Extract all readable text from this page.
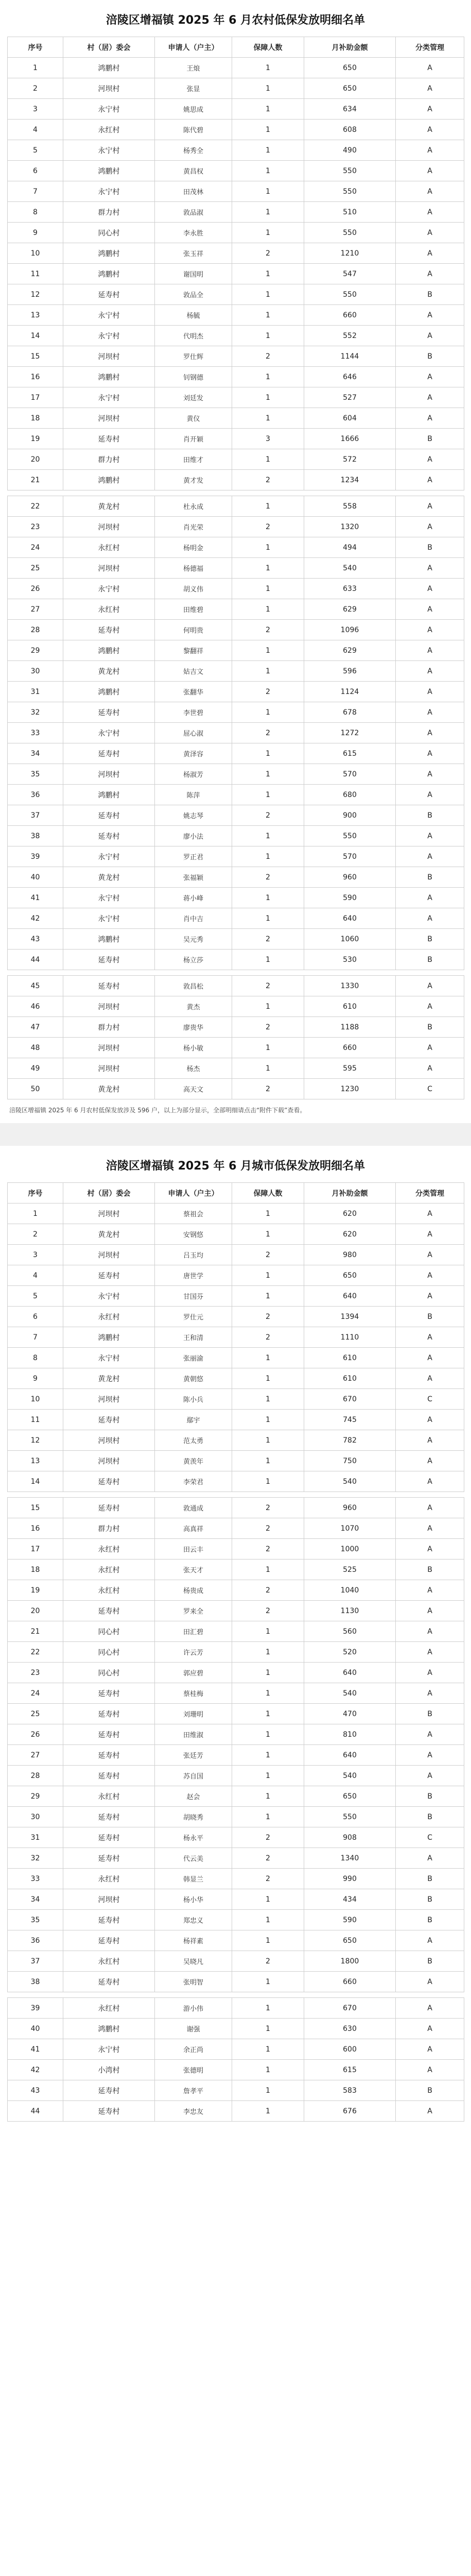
涪陵区增福镇 2025 年 6 月农村低保发放明细名单
序号	村（居）委会	申请人（户主）	保障人数	月补助金额	分类管理
1	鸿鹏村	王烺	1	650	A
2	河坝村	张显	1	650	A
3	永宁村	姚思成	1	634	A
4	永红村	陈代碧	1	608	A
5	永宁村	杨秀全	1	490	A
6	鸿鹏村	黄昌权	1	550	A
7	永宁村	田茂林	1	550	A
8	群力村	敦品淑	1	510	A
9	同心村	李永胜	1	550	A
10	鸿鹏村	张玉祥	2	1210	A
11	鸿鹏村	谢国明	1	547	A
12	延寿村	敦品全	1	550	B
13	永宁村	杨毓	1	660	A
14	永宁村	代明杰	1	552	A
15	河坝村	罗仕辉	2	1144	B
16	鸿鹏村	钊钢德	1	646	A
17	永宁村	刘廷发	1	527	A
18	河坝村	黄仪	1	604	A
19	延寿村	肖开颖	3	1666	B
20	群力村	田维才	1	572	A
21	鸿鹏村	黄才发	2	1234	A

22	黄龙村	杜永成	1	558	A
23	河坝村	肖光荣	2	1320	A
24	永红村	杨明金	1	494	B
25	河坝村	杨德福	1	540	A
26	永宁村	胡义伟	1	633	A
27	永红村	田维碧	1	629	A
28	延寿村	何明贵	2	1096	A
29	鸿鹏村	黎翻祥	1	629	A
30	黄龙村	姑吉文	1	596	A
31	鸿鹏村	张翻华	2	1124	A
32	延寿村	李世碧	1	678	A
33	永宁村	屈心淑	2	1272	A
34	延寿村	黄泽容	1	615	A
35	河坝村	杨淑芳	1	570	A
36	鸿鹏村	陈萍	1	680	A
37	延寿村	姚志琴	2	900	B
38	延寿村	廖小法	1	550	A
39	永宁村	罗正君	1	570	A
40	黄龙村	张福颖	2	960	B
41	永宁村	蒋小峰	1	590	A
42	永宁村	肖中吉	1	640	A
43	鸿鹏村	吴元秀	2	1060	B
44	延寿村	杨立莎	1	530	B

45	延寿村	敦昌松	2	1330	A
46	河坝村	黄杰	1	610	A
47	群力村	廖贵华	2	1188	B
48	河坝村	杨小敏	1	660	A
49	河坝村	杨杰	1	595	A
50	黄龙村	高天文	2	1230	C
涪陵区增福镇 2025 年 6 月农村低保发放涉及 596 户，以上为部分显示，全部明细请点击“附件下载”查看。
涪陵区增福镇 2025 年 6 月城市低保发放明细名单
序号	村（居）委会	申请人（户主）	保障人数	月补助金额	分类管理
1	河坝村	蔡祖会	1	620	A
2	黄龙村	安钢悠	1	620	A
3	河坝村	吕玉均	2	980	A
4	延寿村	唐世学	1	650	A
5	永宁村	甘国芬	1	640	A
6	永红村	罗仕元	2	1394	B
7	鸿鹏村	王和清	2	1110	A
8	永宁村	张丽渝	1	610	A
9	黄龙村	黄朝悠	1	610	A
10	河坝村	陈小兵	1	670	C
11	延寿村	鄢宇	1	745	A
12	河坝村	范太勇	1	782	A
13	河坝村	黄羡年	1	750	A
14	延寿村	李荣君	1	540	A

15	延寿村	敦通成	2	960	A
16	群力村	高真祥	2	1070	A
17	永红村	田云丰	2	1000	A
18	永红村	张天才	1	525	B
19	永红村	杨贵成	2	1040	A
20	延寿村	罗来全	2	1130	A
21	同心村	田汇碧	1	560	A
22	同心村	许云芳	1	520	A
23	同心村	郭应碧	1	640	A
24	延寿村	蔡桂梅	1	540	A
25	延寿村	刘珊明	1	470	B
26	延寿村	田维淑	1	810	A
27	延寿村	张廷芳	1	640	A
28	延寿村	苏自国	1	540	A
29	永红村	赵会	1	650	B
30	延寿村	胡晓秀	1	550	B
31	延寿村	杨永平	2	908	C
32	延寿村	代云美	2	1340	A
33	永红村	韩显兰	2	990	B
34	河坝村	杨小华	1	434	B
35	延寿村	郑忠义	1	590	B
36	延寿村	杨祥素	1	650	A
37	永红村	吴晓凡	2	1800	B
38	延寿村	张明智	1	660	A

39	永红村	游小伟	1	670	A
40	鸿鹏村	谢强	1	630	A
41	永宁村	余正尚	1	600	A
42	小湾村	张德明	1	615	A
43	延寿村	詹孝平	1	583	B
44	延寿村	李忠友	1	676	A
